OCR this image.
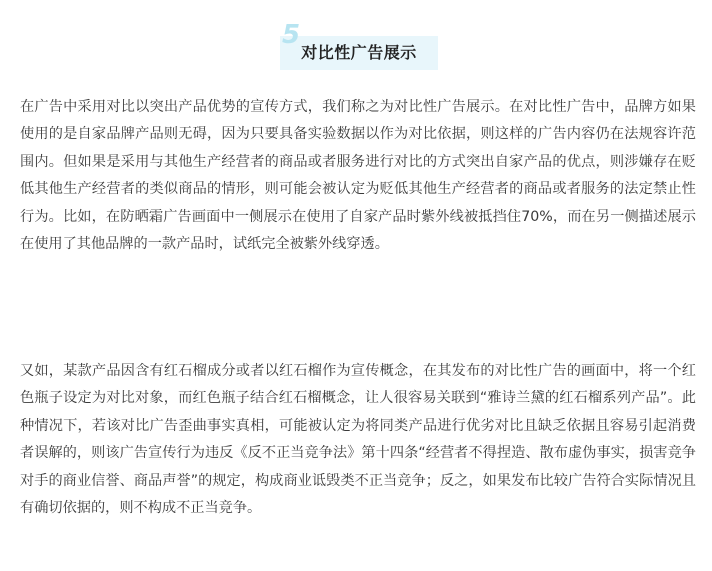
5
对比性广告展示

在广告中采用对比以突出产品优势的宣传方式，我们称之为对比性广告展示。在对比性广告中，品牌方如果使用的是自家品牌产品则无碍，因为只要具备实验数据以作为对比依据，则这样的广告内容仍在法规容许范围内。但如果是采用与其他生产经营者的商品或者服务进行对比的方式突出自家产品的优点，则涉嫌存在贬低其他生产经营者的类似商品的情形，则可能会被认定为贬低其他生产经营者的商品或者服务的法定禁止性行为。比如，在防晒霜广告画面中一侧展示在使用了自家产品时紫外线被抵挡住70%，而在另一侧描述展示在使用了其他品牌的一款产品时，试纸完全被紫外线穿透。

又如，某款产品因含有红石榴成分或者以红石榴作为宣传概念，在其发布的对比性广告的画面中，将一个红色瓶子设定为对比对象，而红色瓶子结合红石榴概念，让人很容易关联到“雅诗兰黛的红石榴系列产品”。此种情况下，若该对比广告歪曲事实真相，可能被认定为将同类产品进行优劣对比且缺乏依据且容易引起消费者误解的，则该广告宣传行为违反《反不正当竞争法》第十四条“经营者不得捏造、散布虚伪事实，损害竞争对手的商业信誉、商品声誉”的规定，构成商业诋毁类不正当竞争；反之，如果发布比较广告符合实际情况且有确切依据的，则不构成不正当竞争。
